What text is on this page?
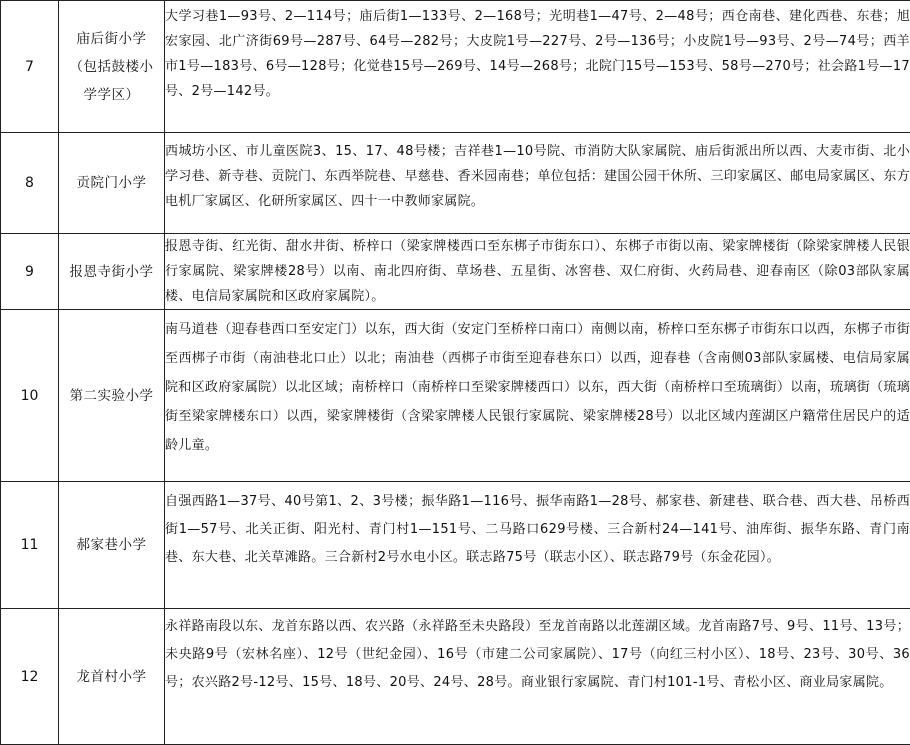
7	庙后街小学（包括鼓楼小学学区）	大学习巷1—93号、2—114号；庙后街1—133号、2—168号；光明巷1—47号、2—48号；西仓南巷、建化西巷、东巷；旭宏家园、北广济街69号—287号、64号—282号；大皮院1号—227号、2号—136号；小皮院1号—93号、2号—74号；西羊市1号—183号、6号—128号；化觉巷15号—269号、14号—268号；北院门15号—153号、58号—270号；社会路1号—17号、2号—142号。
8	贡院门小学	西城坊小区、市儿童医院3、15、17、48号楼；吉祥巷1—10号院、市消防大队家属院、庙后街派出所以西、大麦市街、北小学习巷、新寺巷、贡院门、东西举院巷、早慈巷、香米园南巷；单位包括：建国公园干休所、三印家属区、邮电局家属区、东方电机厂家属区、化研所家属区、四十一中教师家属院。
9	报恩寺街小学	报恩寺街、红光街、甜水井街、桥梓口（梁家牌楼西口至东梆子市街东口）、东梆子市街以南、梁家牌楼街（除梁家牌楼人民银行家属院、梁家牌楼28号）以南、南北四府街、草场巷、五星街、冰窖巷、双仁府街、火药局巷、迎春南区（除03部队家属楼、电信局家属院和区政府家属院）。
10	第二实验小学	南马道巷（迎春巷西口至安定门）以东，西大街（安定门至桥梓口南口）南侧以南，桥梓口至东梆子市街东口以西，东梆子市街至西梆子市街（南油巷北口止）以北；南油巷（西梆子市街至迎春巷东口）以西，迎春巷（含南侧03部队家属楼、电信局家属院和区政府家属院）以北区域；南桥梓口（南桥梓口至梁家牌楼西口）以东，西大街（南桥梓口至琉璃街）以南，琉璃街（琉璃街至梁家牌楼东口）以西，梁家牌楼街（含梁家牌楼人民银行家属院、梁家牌楼28号）以北区域内莲湖区户籍常住居民户的适龄儿童。
11	郝家巷小学	自强西路1—37号、40号第1、2、3号楼；振华路1—116号、振华南路1—28号、郝家巷、新建巷、联合巷、西大巷、吊桥西街1—57号、北关正街、阳光村、青门村1—151号、二马路口629号楼、三合新村24—141号、油库街、振华东路、青门南巷、东大巷、北关草滩路。三合新村2号水电小区。联志路75号（联志小区）、联志路79号（东金花园）。
12	龙首村小学	永祥路南段以东、龙首东路以西、农兴路（永祥路至未央路段）至龙首南路以北莲湖区域。龙首南路7号、9号、11号、13号；未央路9号（宏林名座）、12号（世纪金园）、16号（市建二公司家属院）、17号（向红三村小区）、18号、23号、30号、36号；农兴路2号-12号、15号、18号、20号、24号、28号。商业银行家属院、青门村101-1号、青松小区、商业局家属院。
